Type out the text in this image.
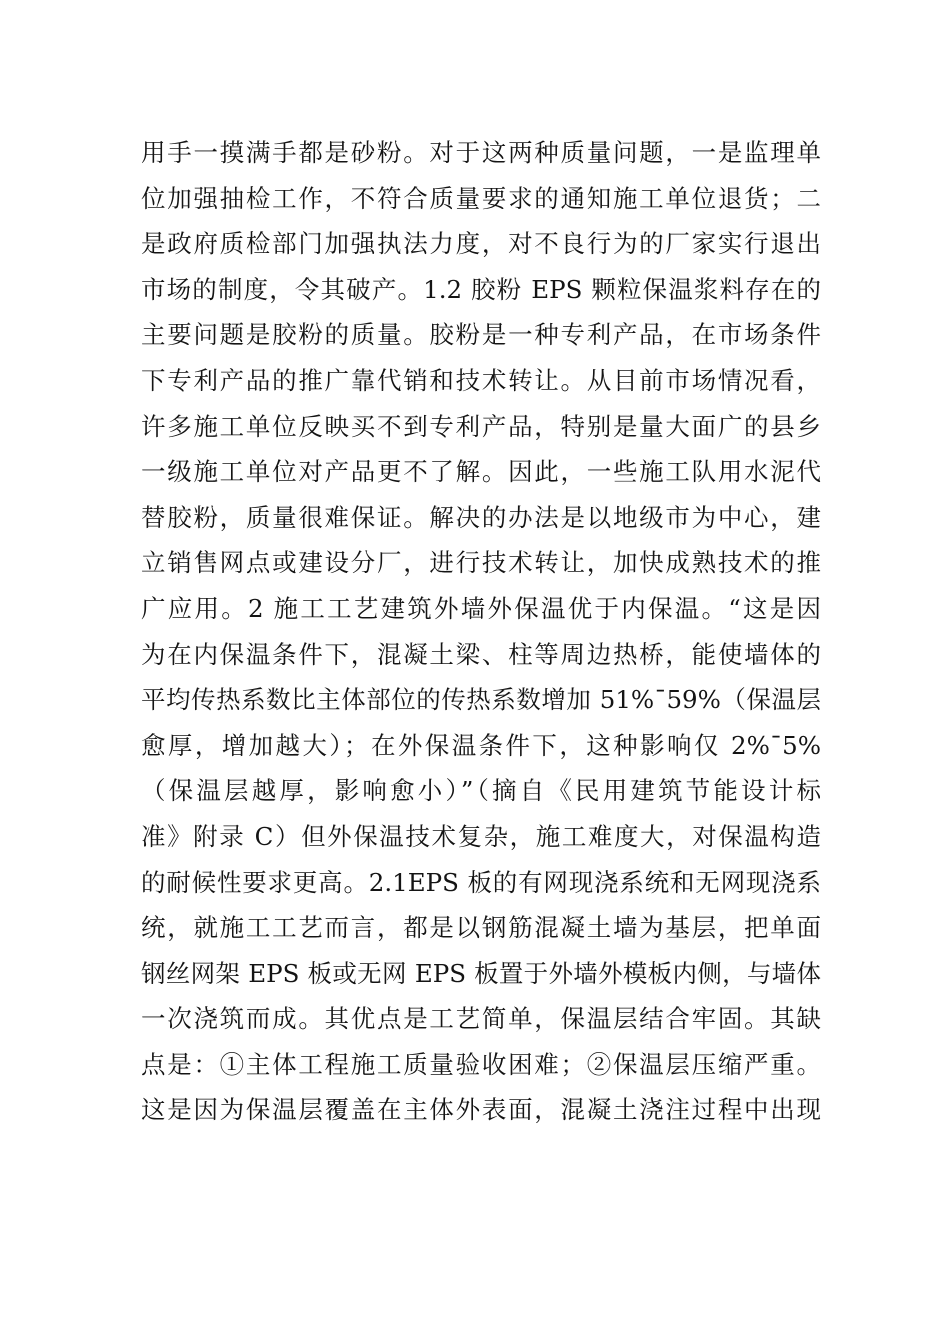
用手一摸满手都是砂粉。对于这两种质量问题，一是监理单
位加强抽检工作，不符合质量要求的通知施工单位退货；二
是政府质检部门加强执法力度，对不良行为的厂家实行退出
市场的制度，令其破产。1.2 胶粉 EPS 颗粒保温浆料存在的
主要问题是胶粉的质量。胶粉是一种专利产品，在市场条件
下专利产品的推广靠代销和技术转让。从目前市场情况看，
许多施工单位反映买不到专利产品，特别是量大面广的县乡
一级施工单位对产品更不了解。因此，一些施工队用水泥代
替胶粉，质量很难保证。解决的办法是以地级市为中心，建
立销售网点或建设分厂，进行技术转让，加快成熟技术的推
广应用。2 施工工艺建筑外墙外保温优于内保温。“这是因
为在内保温条件下，混凝土梁、柱等周边热桥，能使墙体的
平均传热系数比主体部位的传热系数增加 51%¯59%（保温层
愈厚，增加越大）；在外保温条件下，这种影响仅 2%¯5%
（保温层越厚，影响愈小）”（摘自《民用建筑节能设计标
准》附录 C）但外保温技术复杂，施工难度大，对保温构造
的耐候性要求更高。2.1EPS 板的有网现浇系统和无网现浇系
统，就施工工艺而言，都是以钢筋混凝土墙为基层，把单面
钢丝网架 EPS 板或无网 EPS 板置于外墙外模板内侧，与墙体
一次浇筑而成。其优点是工艺简单，保温层结合牢固。其缺
点是：①主体工程施工质量验收困难；②保温层压缩严重。
这是因为保温层覆盖在主体外表面，混凝土浇注过程中出现
